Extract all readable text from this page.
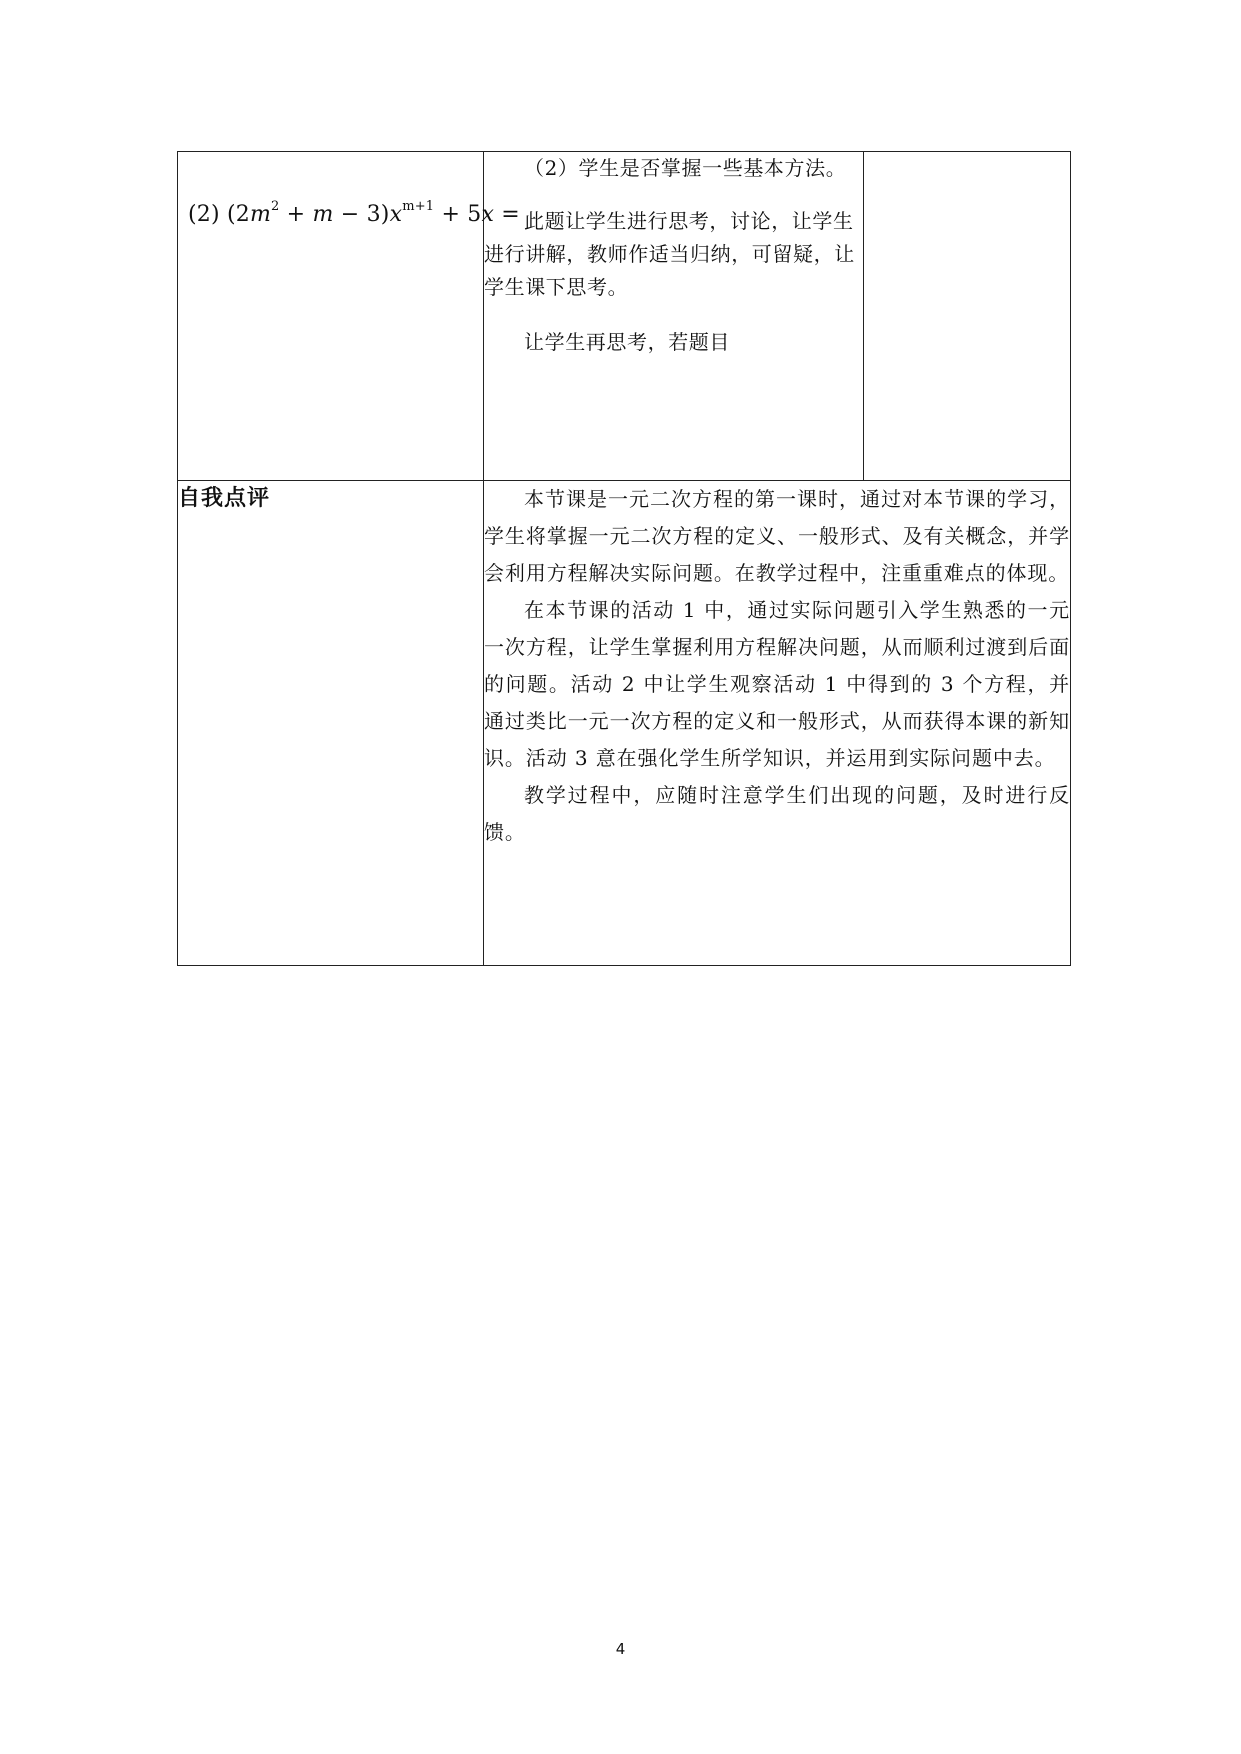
(2) $(2m^2 + m - 3)x^{m+1} + 5x$ =	（2）学生是否掌握一些基本方法。

此题让学生进行思考，讨论，让学生进行讲解，教师作适当归纳，可留疑，让学生课下思考。

让学生再思考，若题目	

自我点评	本节课是一元二次方程的第一课时，通过对本节课的学习，学生将掌握一元二次方程的定义、一般形式、及有关概念，并学会利用方程解决实际问题。在教学过程中，注重重难点的体现。

在本节课的活动 1 中，通过实际问题引入学生熟悉的一元一次方程，让学生掌握利用方程解决问题，从而顺利过渡到后面的问题。活动 2 中让学生观察活动 1 中得到的 3 个方程，并通过类比一元一次方程的定义和一般形式，从而获得本课的新知识。活动 3 意在强化学生所学知识，并运用到实际问题中去。

教学过程中，应随时注意学生们出现的问题，及时进行反馈。	

4
